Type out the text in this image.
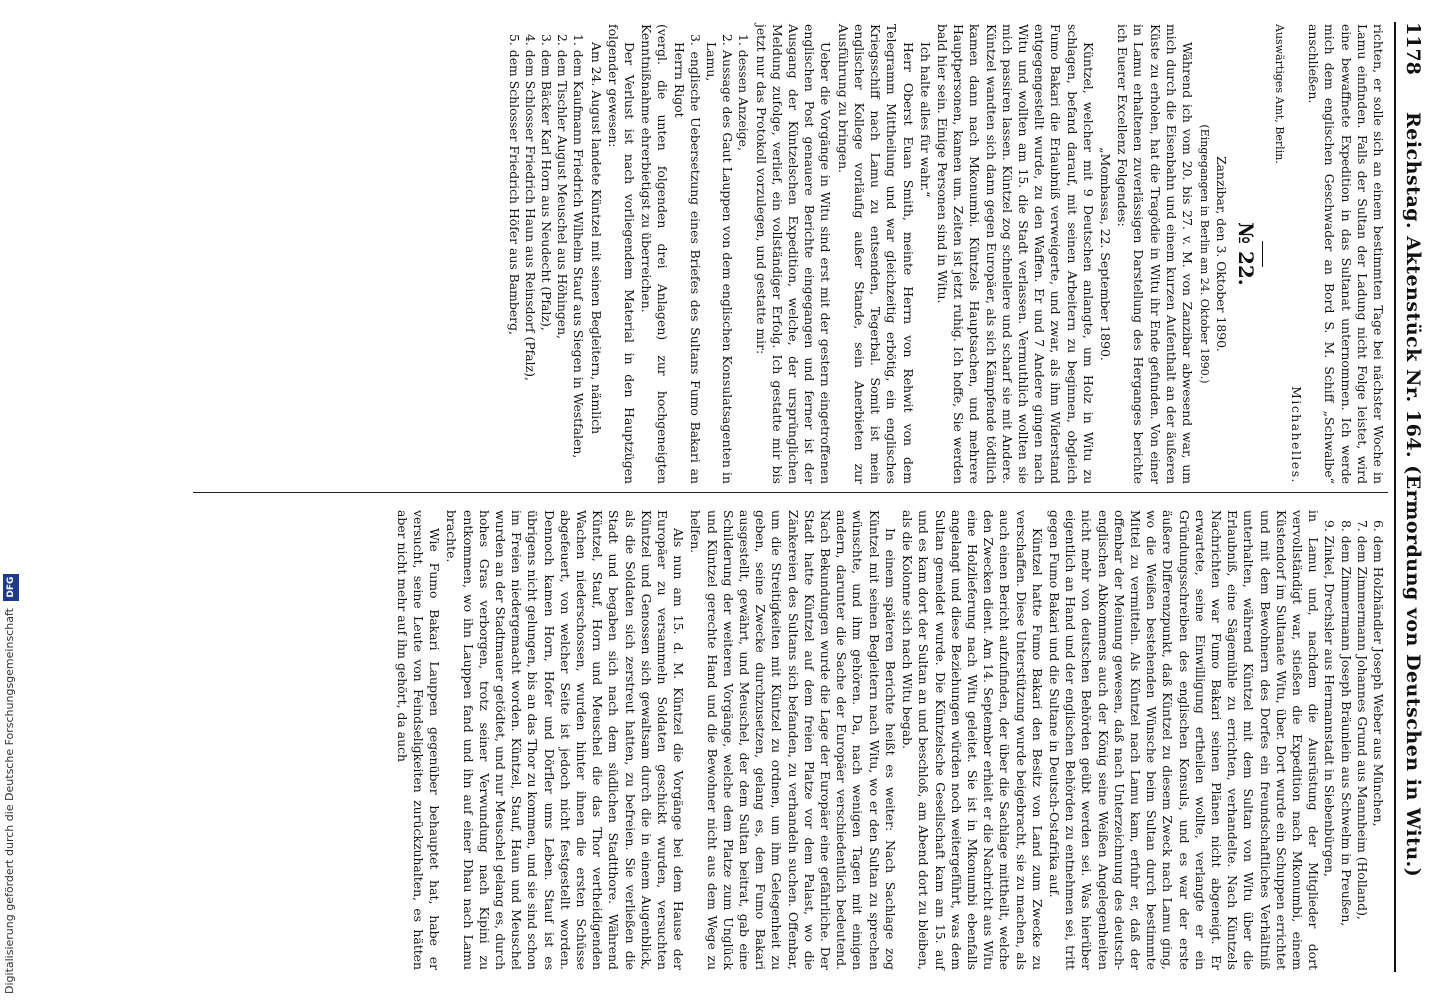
1178
Reichstag. Aktenstück Nr. 164. (Ermordung von Deutschen in Witu.)

richten, er solle sich an einem bestimmten Tage bei nächster Woche in Lamu einfinden. Falls der Sultan der Ladung nicht Folge leistet, wird eine bewaffnete Expedition in das Sultanat unternommen. Ich werde mich dem englischen Geschwader an Bord S. M. Schiff „Schwalbe“ anschließen.

Michahelles.

Auswärtiges Amt, Berlin.

№ 22.

Zanzibar, den 3. Oktober 1890.

(Eingegangen in Berlin am 24. Oktober 1890.)

Während ich vom 20. bis 27. v. M. von Zanzibar abwesend war, um mich durch die Eisenbahn und einem kurzen Aufenthalt an der äußeren Küste zu erholen, hat die Tragödie in Witu ihr Ende gefunden. Von einer in Lamu erhaltenen zuverlässigen Darstellung des Herganges berichte ich Euerer Excellenz Folgendes:

„Mombassa, 22. September 1890.

Küntzel, welcher mit 9 Deutschen anlangte, um Holz in Witu zu schlagen, befand darauf, mit seinen Arbeitern zu beginnen, obgleich Fumo Bakari die Erlaubniß verweigerte, und zwar, als ihm Widerstand entgegengestellt wurde, zu den Waffen. Er und 7 Andere gingen nach Witu und wollten am 15. die Stadt verlassen. Vermuthlich wollten sie mich passiren lassen. Küntzel zog schnellere und scharf sie mit Andere. Küntzel wandten sich dann gegen Europäer, als sich Kämpfende tödtlich kamen dann nach Mkonumbi. Küntzels Hauptsachen, und mehrere Hauptpersonen, kamen um. Zeiten ist jetzt ruhig. Ich hoffe, Sie werden bald hier sein. Einige Personen sind in Witu.

Ich halte alles für wahr.“

Herr Oberst Euan Smith, meinte Herrn von Rehwit von dem Telegramm Mittheilung und war gleichzeitig erbötig, ein englisches Kriegsschiff nach Lamu zu entsenden, Tegerbal. Somit ist mein englischer Kollege vorläufig außer Stande, sein Anerbieten zur Ausführung zu bringen.

Ueber die Vorgänge in Witu sind erst mit der gestern eingetroffenen englischen Post genauere Berichte eingegangen und ferner ist der Ausgang der Küntzelschen Expedition, welche, der ursprünglichen Meldung zufolge, verlief, ein vollständiger Erfolg. Ich gestatte mir bis jetzt nur das Protokoll vorzulegen, und gestatte mir:

1. dessen Anzeige,

2. Aussage des Gaut Lauppen von dem englischen Konsulatsagenten in Lamu,

3. englische Uebersetzung eines Briefes des Sultans Fumo Bakari an Herrn Rigot

(vergl. die unten folgenden drei Anlagen) zur hochgeneigten Kenntnißnahme ehrerbietigst zu überreichen.

Der Verlust ist nach vorliegendem Material in den Hauptzügen folgender gewesen:

Am 24. August landete Küntzel mit seinen Begleitern, nämlich

1. dem Kaufmann Friedrich Wilhelm Stauf aus Siegen in Westfalen,

2. dem Tischler August Meuschel aus Höhingen,

3. dem Bäcker Karl Horn aus Neudecht (Pfalz),

4. dem Schlosser Friedrich Haun aus Reinsdorf (Pfalz),

5. dem Schlosser Friedrich Höfer aus Bamberg,

6. dem Holzhändler Joseph Weber aus München,

7. dem Zimmermann Johannes Grund aus Mannheim (Holland),

8. dem Zimmermann Joseph Bräunlein aus Schwelm in Preußen,

9. Zinkel, Drechsler aus Hermannstadt in Siebenbürgen,

in Lamu und, nachdem die Ausrüstung der Mitglieder dort vervollständigt war, stießen die Expedition nach Mkonumbi, einem Küstendorf im Sultanate Witu, über. Dort wurde ein Schuppen errichtet und mit dem Bewohnern des Dorfes ein freundschaftliches Verhältniß unterhalten, während Küntzel mit dem Sultan von Witu über die Erlaubniß, eine Sägemühle zu errichten, verhandelte. Nach Küntzels Nachrichten war Fumo Bakari seinen Plänen nicht abgeneigt. Er erwartete, seine Einwilligung ertheilen wollte, verlangte er ein Gründungsschreiben des englischen Konsuls, und es war der erste äußere Differenzpunkt, daß Küntzel zu diesem Zweck nach Lamu ging, wo die Weißen bestehenden Wünsche beim Sultan durch bestimmte Mittel zu vermitteln. Als Küntzel nach Lamu kam, erfuhr er, daß der offenbar der Meinung gewesen, daß nach Unterzeichnung des deutsch-englischen Abkommens auch der König seine Weißen Angelegenheiten nicht mehr von deutschen Behörden geübt werden sei. Was hierüber eigentlich an Hand und der englischen Behörden zu entnehmen sei, tritt gegen Fumo Bakari und die Sultane in Deutsch-Ostafrika auf.

Küntzel hatte Fumo Bakari den Besitz von Land zum Zwecke zu verschaffen. Diese Unterstützung wurde beigebracht, sie zu machen, als auch einen Bericht aufzufinden, der über die Sachlage mittheilt, welche den Zwecken dient. Am 14. September erhielt er die Nachricht aus Witu eine Holzlieferung nach Witu geleitet. Sie ist in Mkonumbi ebenfalls angelangt und diese Beziehungen würden noch weitergeführt, was dem Sultan gemeldet wurde. Die Küntzelsche Gesellschaft kam am 15. auf und es kam dort der Sultan an und beschloß, am Abend dort zu bleiben, als die Kolonne sich nach Witu begab.

In einem späteren Berichte heißt es weiter: Nach Sachlage zog Küntzel mit seinen Begleitern nach Witu, wo er den Sultan zu sprechen wünschte, und ihm gehören. Da, nach wenigen Tagen mit einigen andern, darunter die Sache der Europäer verschiedentlich bedeutend. Nach Bekundungen wurde die Lage der Europäer eine gefährliche. Der Stadt hatte Küntzel auf dem freien Platze vor dem Palast, wo die Zänkereien des Sultans sich befanden, zu verhandeln suchen. Offenbar, um die Streitigkeiten mit Küntzel zu ordnen, um ihm Gelegenheit zu geben, seine Zwecke durchzusetzen, gelang es, dem Fumo Bakari ausgestellt, gewährt, und Meuschel, der dem Sultan beitrat, gab eine Schilderung der weiteren Vorgänge, welche dem Platze zum Unglück und Küntzel gerechte Hand und die Bewohner nicht aus dem Wege zu helfen.

Als nun am 15. d. M. Küntzel die Vorgänge bei dem Hause der Europäer zu versammeln Soldaten geschickt wurden, versuchten Küntzel und Genossen sich gewaltsam durch die in einem Augenblick, als die Soldaten sich zerstreut hatten, zu befreien. Sie verließen die Stadt und begaben sich nach dem südlichen Stadtthore. Während Küntzel, Stauf, Horn und Meuschel die das Thor vertheidigenden Wachen niederschossen, wurden hinter ihnen die ersten Schüsse abgefeuert, von welcher Seite ist jedoch nicht festgestellt worden. Dennoch kamen Horn, Hofer und Dörfler ums Leben. Stauf ist es übrigens nicht gelungen, bis an das Thor zu kommen, und sie sind schon im Freien niedergemacht worden. Küntzel, Stauf, Haun und Meuschel wurden an der Stadtmauer getödtet, und nur Meuschel gelang es, durch hohes Gras verborgen, trotz seiner Verwundung nach Kipini zu entkommen, wo ihn Lauppen fand und ihn auf einer Dhau nach Lamu brachte.

Wie Fumo Bakari Lauppen gegenüber behauptet hat, habe er versucht, seine Leute von Feindseligkeiten zurückzuhalten, es hätten aber nicht mehr auf ihn gehört, da auch

Digitalisierung gefördert durch die Deutsche Forschungsgemeinschaft DFG
